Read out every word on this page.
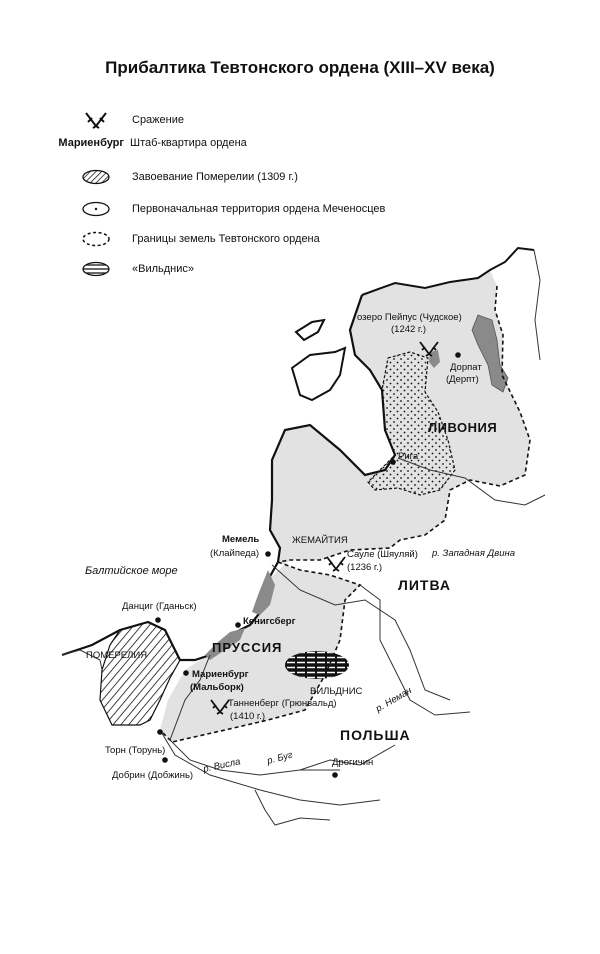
Прибалтика Тевтонского ордена (XIII–XV века)
Сражение
Мариенбург Штаб-квартира ордена
Завоевание Померелии (1309 г.)
Первоначальная территория ордена Меченосцев
Границы земель Тевтонского ордена
«Вильднис»
озеро Пейпус (Чудское)
(1242 г.)
Дорпат
(Дерпт)
ЛИВОНИЯ
Рига
Мемель
(Клайпеда)
ЖЕМАЙТИЯ
Сауле (Шяуляй)
(1236 г.)
р. Западная Двина
Балтийское море
ЛИТВА
Данциг (Гданьск)
Кенигсберг
ПОМЕРЕЛИЯ
ПРУССИЯ
Мариенбург
(Мальборк)	ВИЛЬДНИС р. Неман
Танненберг (Грюнвальд)
(1410 г.)
ПОЛЬША
Торн (Торунь)
р. Висла	р. Буг
Добрин (Добжинь)
Дрогичин
